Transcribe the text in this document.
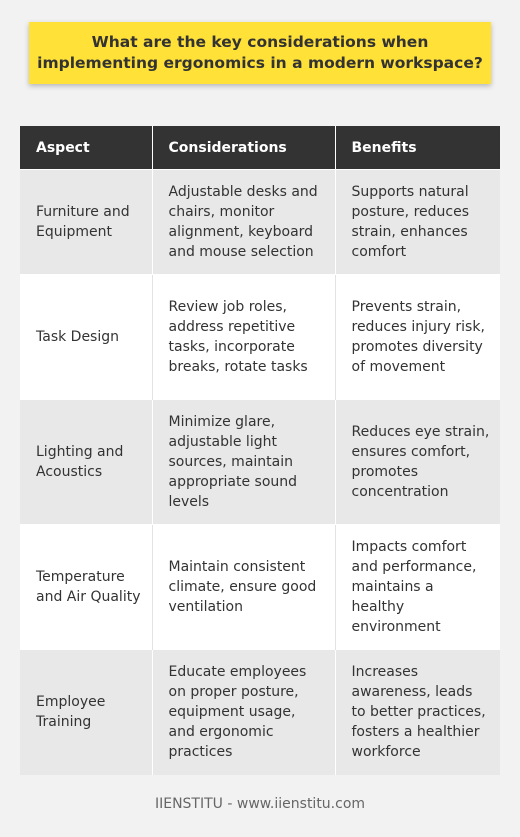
What are the key considerations when implementing ergonomics in a modern workspace?
Aspect	Considerations	Benefits
Furniture and Equipment	Adjustable desks and chairs, monitor alignment, keyboard and mouse selection	Supports natural posture, reduces strain, enhances comfort
Task Design	Review job roles, address repetitive tasks, incorporate breaks, rotate tasks	Prevents strain, reduces injury risk, promotes diversity of movement
Lighting and Acoustics	Minimize glare, adjustable light sources, maintain appropriate sound levels	Reduces eye strain, ensures comfort, promotes concentration
Temperature and Air Quality	Maintain consistent climate, ensure good ventilation	Impacts comfort and performance, maintains a healthy environment
Employee Training	Educate employees on proper posture, equipment usage, and ergonomic practices	Increases awareness, leads to better practices, fosters a healthier workforce
IIENSTITU - www.iienstitu.com
